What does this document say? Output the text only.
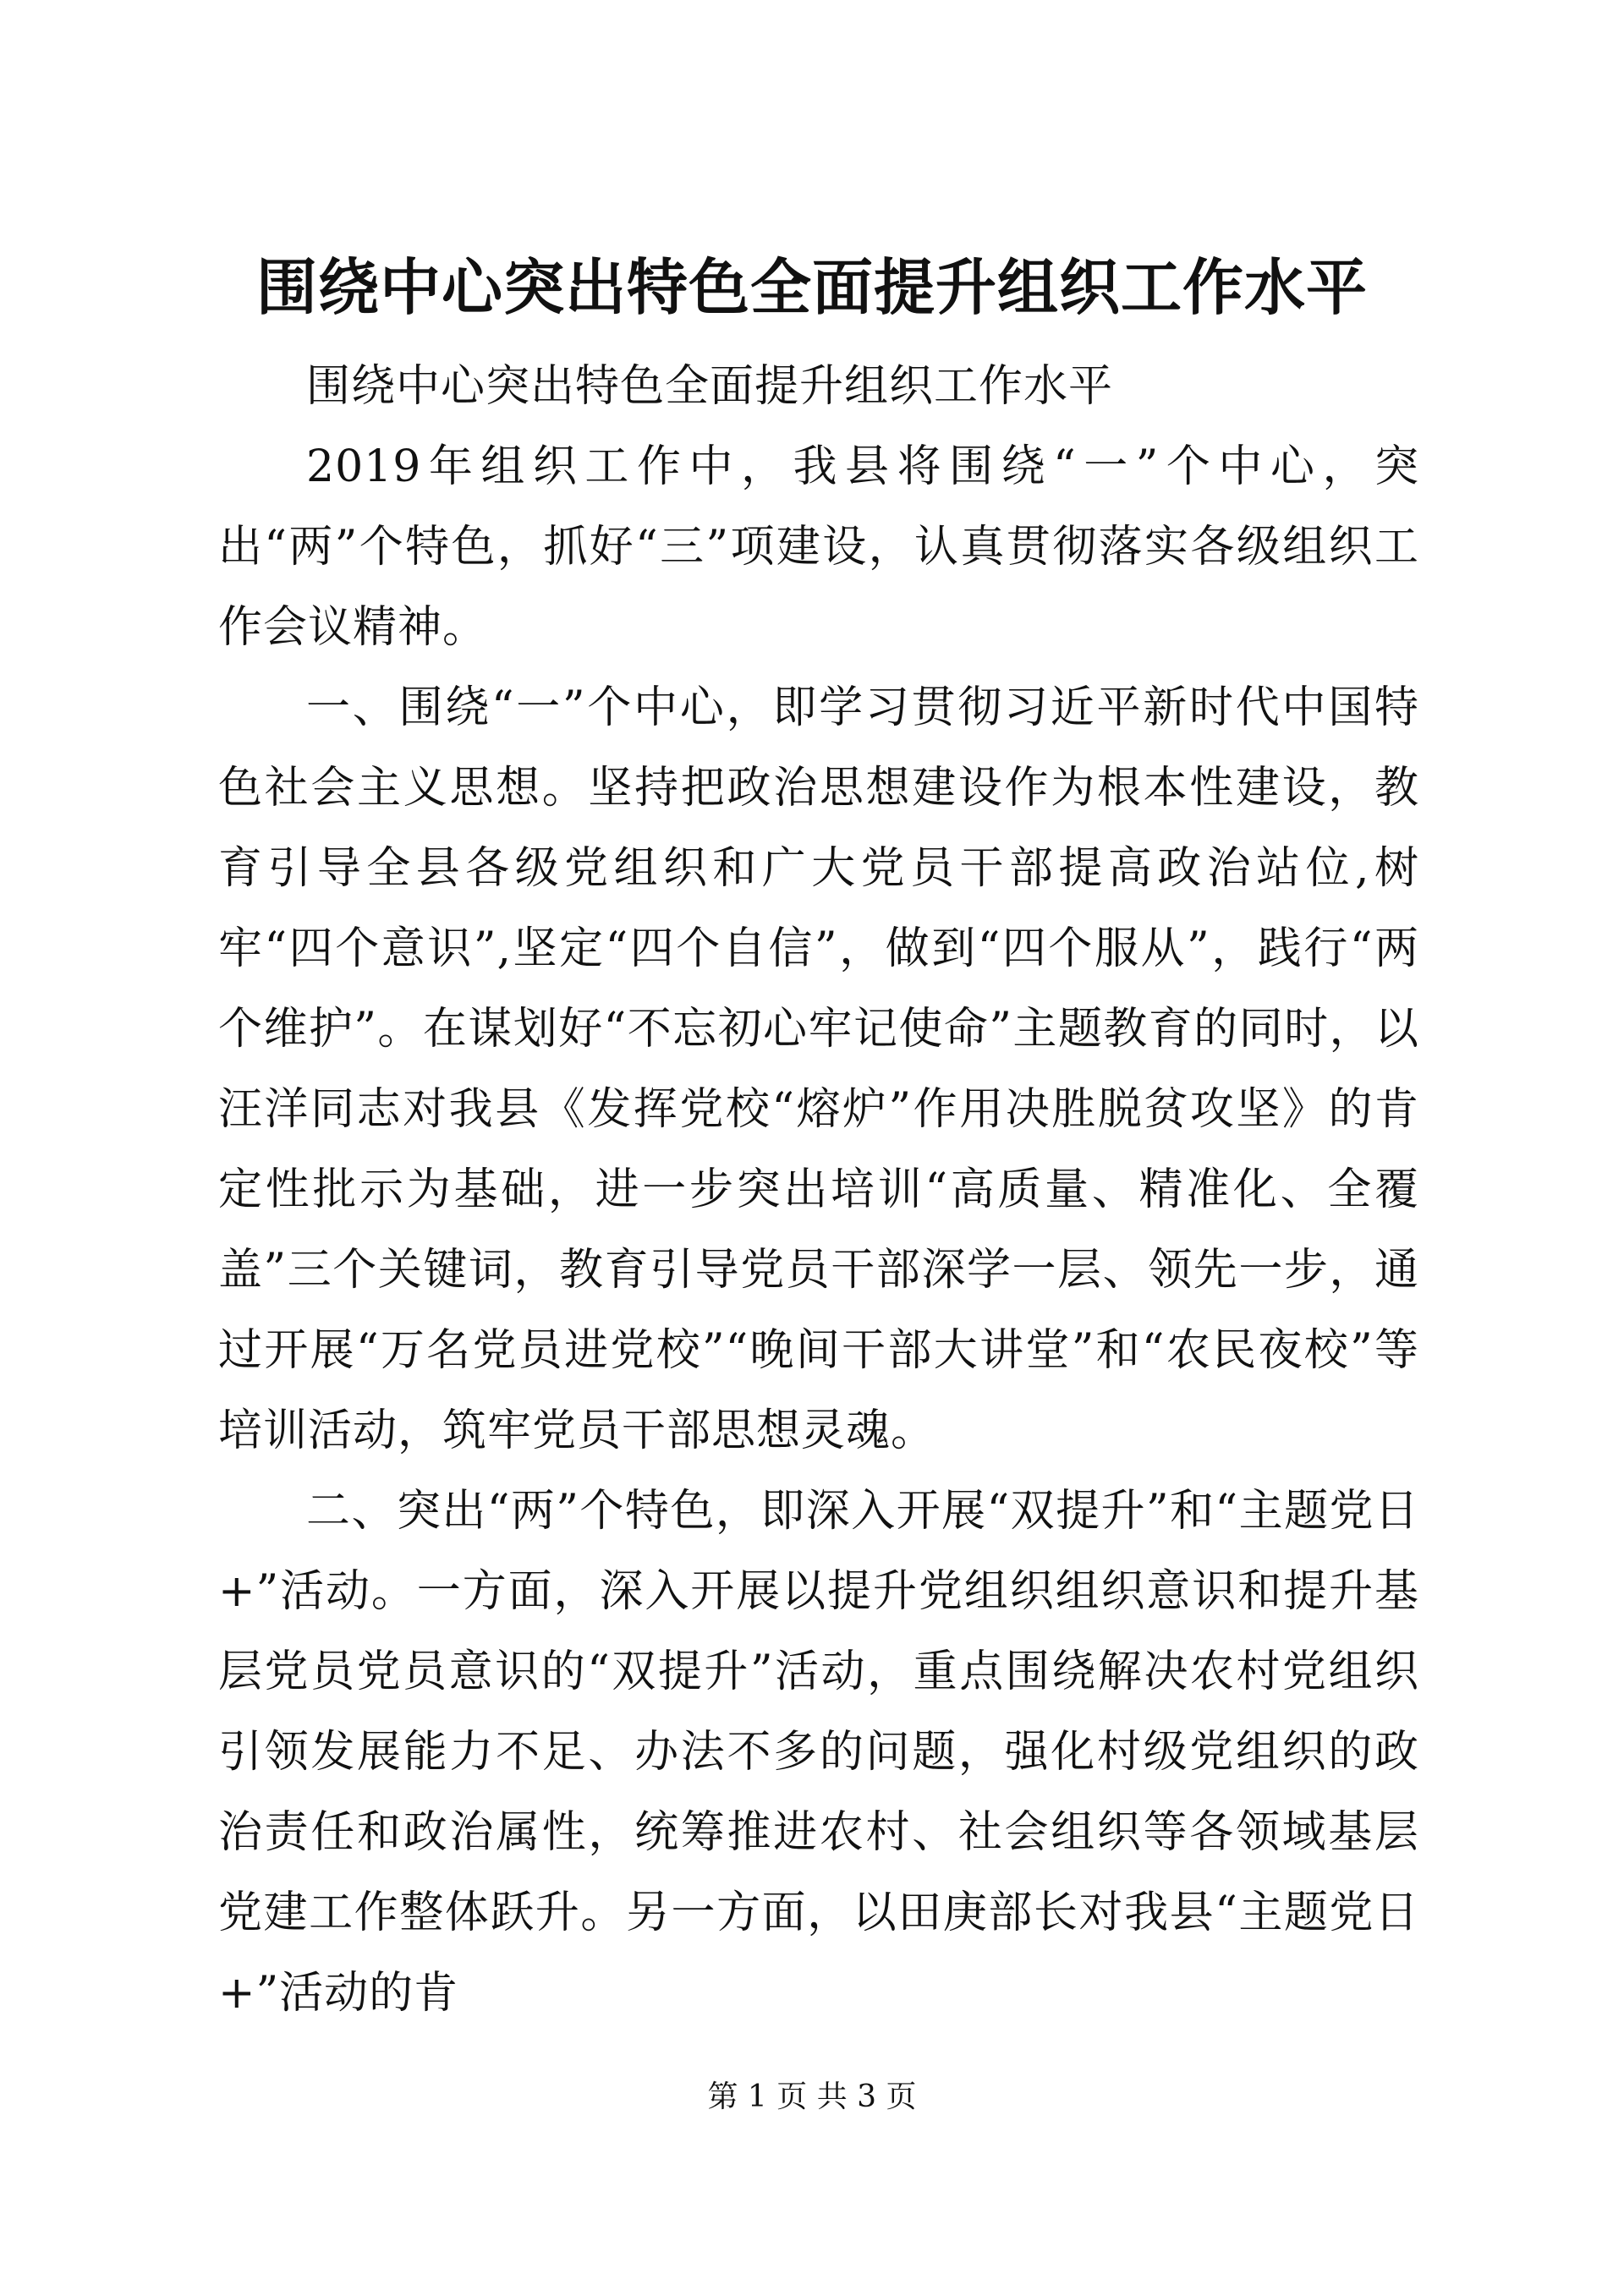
围绕中心突出特色全面提升组织工作水平

围绕中心突出特色全面提升组织工作水平

2019年组织工作中，我县将围绕“一”个中心，突出“两”个特色，抓好“三”项建设，认真贯彻落实各级组织工作会议精神。

一、围绕“一”个中心，即学习贯彻习近平新时代中国特色社会主义思想。坚持把政治思想建设作为根本性建设，教育引导全县各级党组织和广大党员干部提高政治站位,树牢“四个意识”,坚定“四个自信”，做到“四个服从”，践行“两个维护”。在谋划好“不忘初心牢记使命”主题教育的同时，以汪洋同志对我县《发挥党校“熔炉”作用决胜脱贫攻坚》的肯定性批示为基础，进一步突出培训“高质量、精准化、全覆盖”三个关键词，教育引导党员干部深学一层、领先一步，通过开展“万名党员进党校”“晚间干部大讲堂”和“农民夜校”等培训活动，筑牢党员干部思想灵魂。

二、突出“两”个特色，即深入开展“双提升”和“主题党日+”活动。一方面，深入开展以提升党组织组织意识和提升基层党员党员意识的“双提升”活动，重点围绕解决农村党组织引领发展能力不足、办法不多的问题，强化村级党组织的政治责任和政治属性，统筹推进农村、社会组织等各领域基层党建工作整体跃升。另一方面，以田庚部长对我县“主题党日+”活动的肯

第 1 页 共 3 页
